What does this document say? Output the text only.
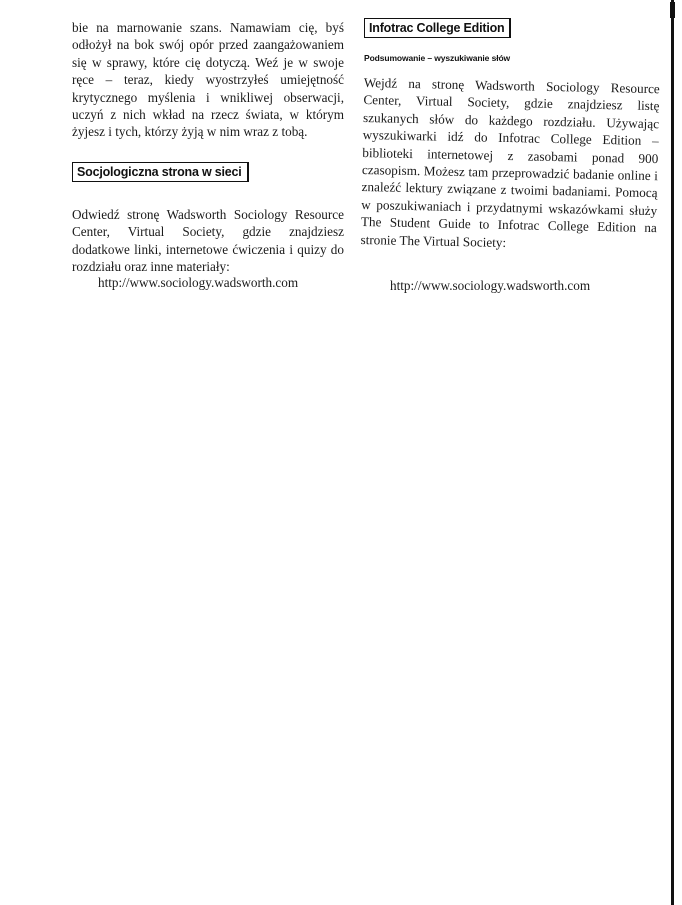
bie na marnowanie szans. Namawiam cię, byś odłożył na bok swój opór przed zaangażowaniem się w sprawy, które cię dotyczą. Weź je w swoje ręce – teraz, kiedy wyostrzyłeś umiejętność krytycznego myślenia i wnikliwej obserwacji, uczyń z nich wkład na rzecz świata, w którym żyjesz i tych, którzy żyją w nim wraz z tobą.

Socjologiczna strona w sieci

Odwiedź stronę Wadsworth Sociology Resource Center, Virtual Society, gdzie znajdziesz dodatkowe linki, internetowe ćwiczenia i quizy do rozdziału oraz inne materiały:

http://www.sociology.wadsworth.com
Infotrac College Edition
Podsumowanie – wyszukiwanie słów

Wejdź na stronę Wadsworth Sociology Resource Center, Virtual Society, gdzie znajdziesz listę szukanych słów do każdego rozdziału. Używając wyszukiwarki idź do Infotrac College Edition – biblioteki internetowej z zasobami ponad 900 czasopism. Możesz tam przeprowadzić badanie online i znaleźć lektury związane z twoimi badaniami. Pomocą w poszukiwaniach i przydatnymi wskazówkami służy The Student Guide to Infotrac College Edition na stronie The Virtual Society:

http://www.sociology.wadsworth.com
